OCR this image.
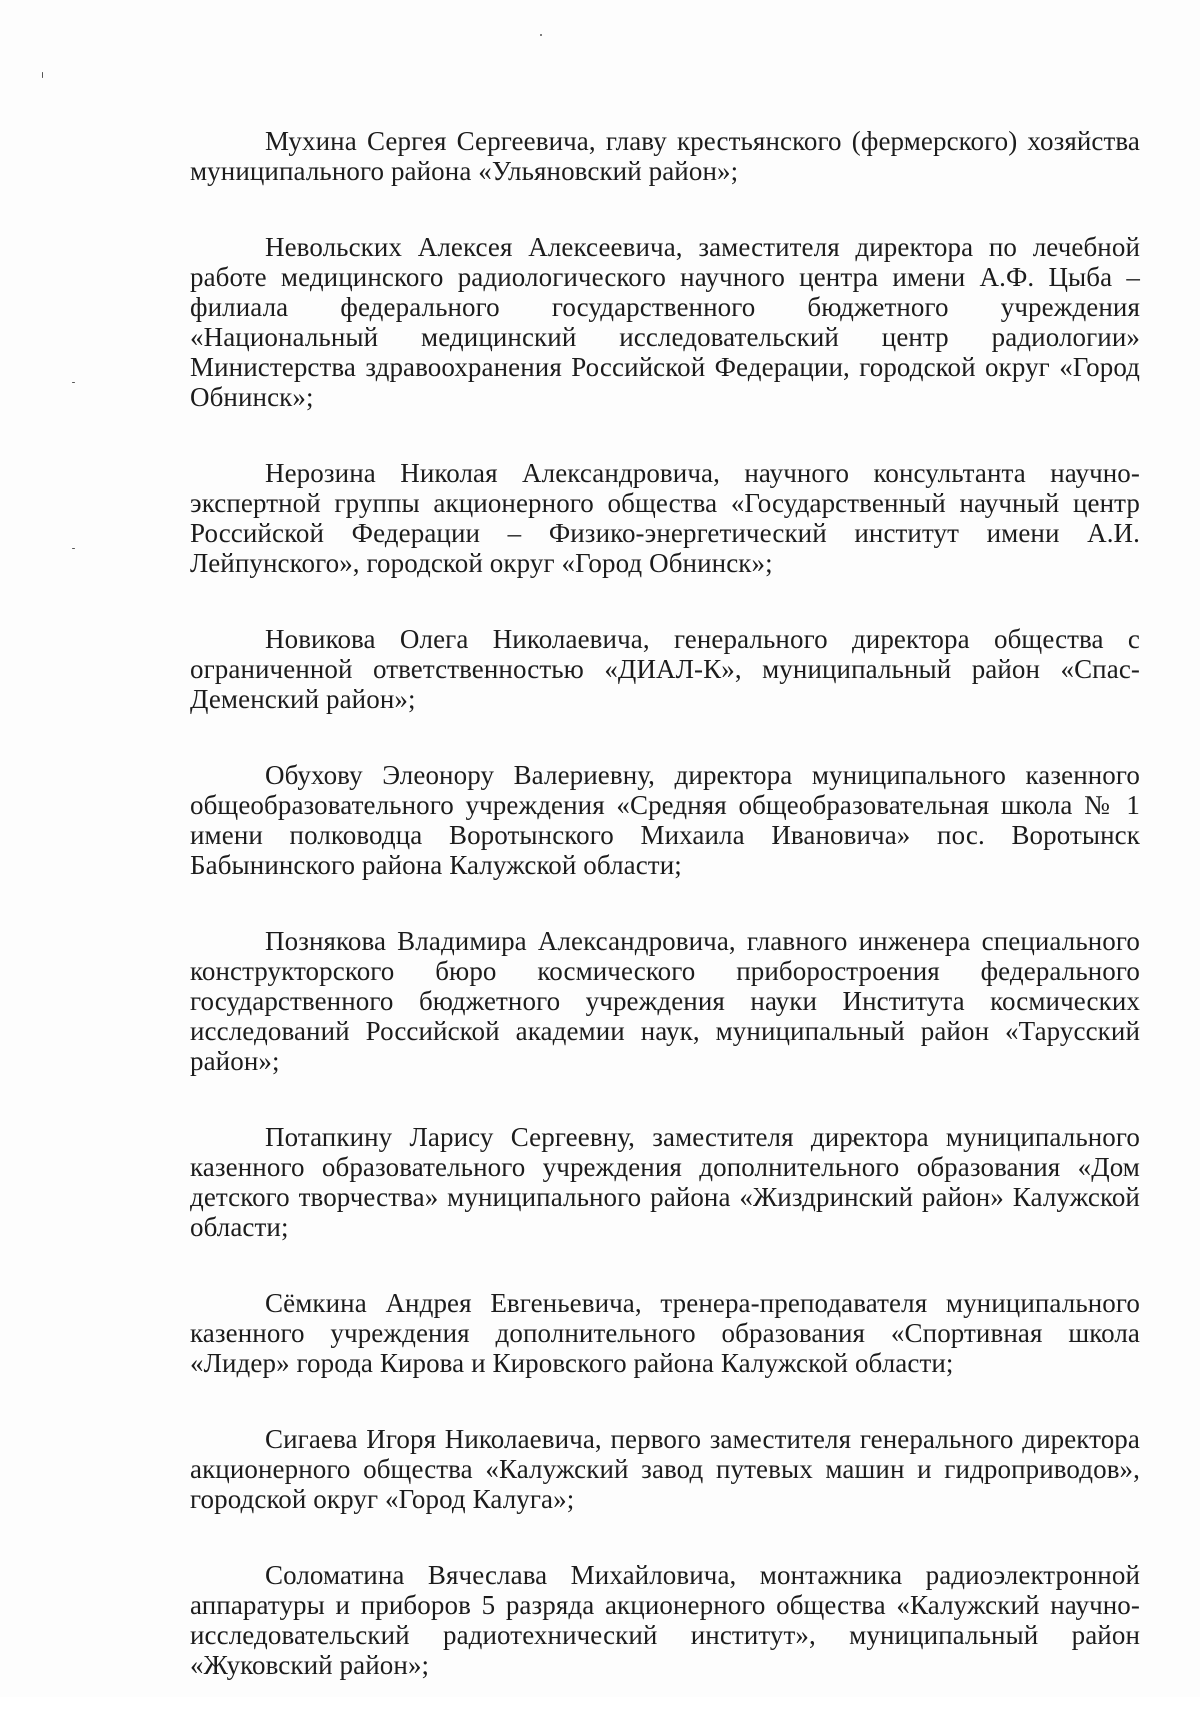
Мухина Сергея Сергеевича, главу крестьянского (фермерского) хозяйства муниципального района «Ульяновский район»;

Невольских Алексея Алексеевича, заместителя директора по лечебной работе медицинского радиологического научного центра имени А.Ф. Цыба – филиала федерального государственного бюджетного учреждения «Национальный медицинский исследовательский центр радиологии» Министерства здравоохранения Российской Федерации, городской округ «Город Обнинск»;

Нерозина Николая Александровича, научного консультанта научно-экспертной группы акционерного общества «Государственный научный центр Российской Федерации – Физико-энергетический институт имени А.И. Лейпунского», городской округ «Город Обнинск»;

Новикова Олега Николаевича, генерального директора общества с ограниченной ответственностью «ДИАЛ-К», муниципальный район «Спас-Деменский район»;

Обухову Элеонору Валериевну, директора муниципального казенного общеобразовательного учреждения «Средняя общеобразовательная школа № 1 имени полководца Воротынского Михаила Ивановича» пос. Воротынск Бабынинского района Калужской области;

Познякова Владимира Александровича, главного инженера специального конструкторского бюро космического приборостроения федерального государственного бюджетного учреждения науки Института космических исследований Российской академии наук, муниципальный район «Тарусский район»;

Потапкину Ларису Сергеевну, заместителя директора муниципального казенного образовательного учреждения дополнительного образования «Дом детского творчества» муниципального района «Жиздринский район» Калужской области;

Сёмкина Андрея Евгеньевича, тренера-преподавателя муниципального казенного учреждения дополнительного образования «Спортивная школа «Лидер» города Кирова и Кировского района Калужской области;

Сигаева Игоря Николаевича, первого заместителя генерального директора акционерного общества «Калужский завод путевых машин и гидроприводов», городской округ «Город Калуга»;

Соломатина Вячеслава Михайловича, монтажника радиоэлектронной аппаратуры и приборов 5 разряда акционерного общества «Калужский научно-исследовательский радиотехнический институт», муниципальный район «Жуковский район»;
